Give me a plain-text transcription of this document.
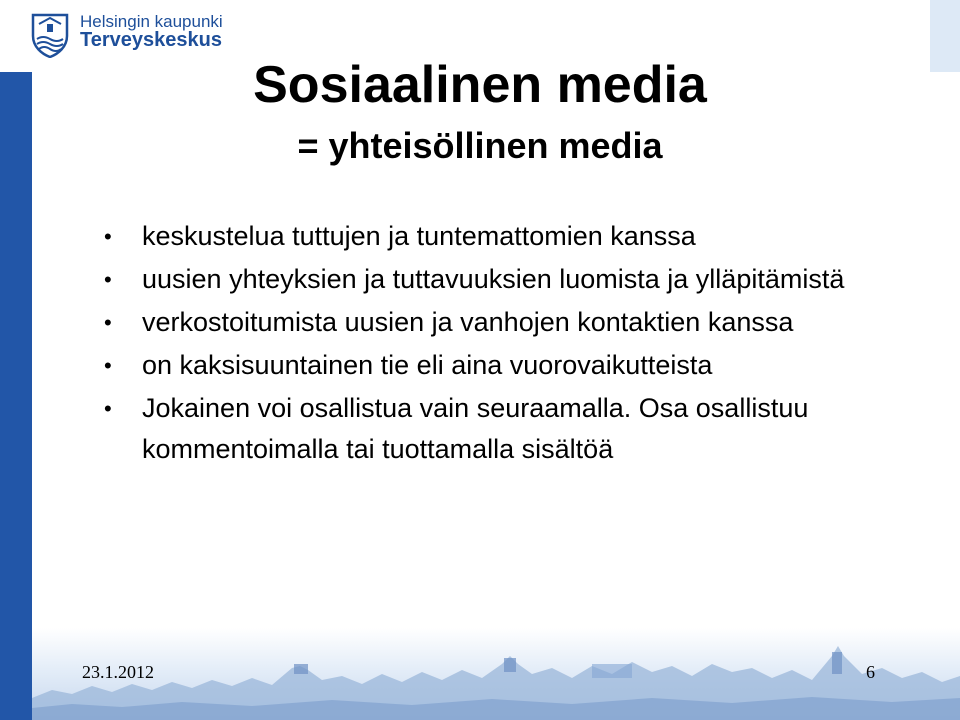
Helsingin kaupunki
Terveyskeskus
Sosiaalinen media
= yhteisöllinen media
• keskustelua tuttujen ja tuntemattomien kanssa
• uusien yhteyksien ja tuttavuuksien luomista ja ylläpitämistä
• verkostoitumista uusien ja vanhojen kontaktien kanssa
• on kaksisuuntainen tie eli aina vuorovaikutteista
• Jokainen voi osallistua vain seuraamalla. Osa osallistuu kommentoimalla tai tuottamalla sisältöä
23.1.2012	6
